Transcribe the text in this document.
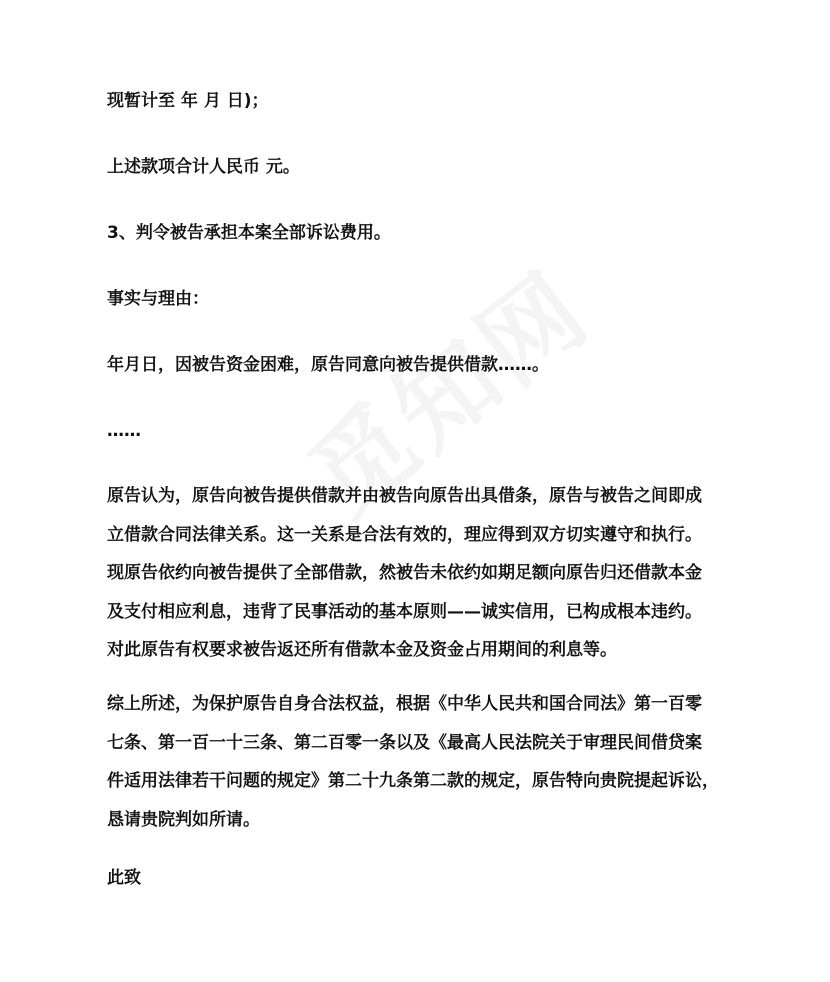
现暂计至 年 月 日)；

上述款项合计人民币 元。

3、判令被告承担本案全部诉讼费用。

事实与理由：

年月日，因被告资金困难，原告同意向被告提供借款……。

……

原告认为，原告向被告提供借款并由被告向原告出具借条，原告与被告之间即成
立借款合同法律关系。这一关系是合法有效的，理应得到双方切实遵守和执行。
现原告依约向被告提供了全部借款，然被告未依约如期足额向原告归还借款本金
及支付相应利息，违背了民事活动的基本原则——诚实信用，已构成根本违约。
对此原告有权要求被告返还所有借款本金及资金占用期间的利息等。
综上所述，为保护原告自身合法权益，根据《中华人民共和国合同法》第一百零
七条、第一百一十三条、第二百零一条以及《最高人民法院关于审理民间借贷案
件适用法律若干问题的规定》第二十九条第二款的规定，原告特向贵院提起诉讼，
恳请贵院判如所请。

此致
